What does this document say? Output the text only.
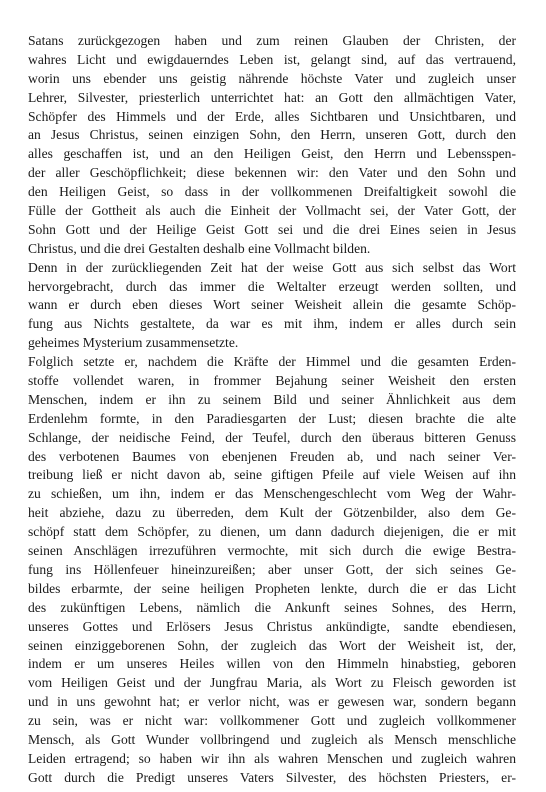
Satans zurückgezogen haben und zum reinen Glauben der Christen, der
wahres Licht und ewigdauerndes Leben ist, gelangt sind, auf das vertrauend,
worin uns ebender uns geistig nährende höchste Vater und zugleich unser
Lehrer, Silvester, priesterlich unterrichtet hat: an Gott den allmächtigen Vater,
Schöpfer des Himmels und der Erde, alles Sichtbaren und Unsichtbaren, und
an Jesus Christus, seinen einzigen Sohn, den Herrn, unseren Gott, durch den
alles geschaffen ist, und an den Heiligen Geist, den Herrn und Lebensspen-
der aller Geschöpflichkeit; diese bekennen wir: den Vater und den Sohn und
den Heiligen Geist, so dass in der vollkommenen Dreifaltigkeit sowohl die
Fülle der Gottheit als auch die Einheit der Vollmacht sei, der Vater Gott, der
Sohn Gott und der Heilige Geist Gott sei und die drei Eines seien in Jesus
Christus, und die drei Gestalten deshalb eine Vollmacht bilden.
Denn in der zurückliegenden Zeit hat der weise Gott aus sich selbst das Wort
hervorgebracht, durch das immer die Weltalter erzeugt werden sollten, und
wann er durch eben dieses Wort seiner Weisheit allein die gesamte Schöp-
fung aus Nichts gestaltete, da war es mit ihm, indem er alles durch sein
geheimes Mysterium zusammensetzte.
Folglich setzte er, nachdem die Kräfte der Himmel und die gesamten Erden-
stoffe vollendet waren, in frommer Bejahung seiner Weisheit den ersten
Menschen, indem er ihn zu seinem Bild und seiner Ähnlichkeit aus dem
Erdenlehm formte, in den Paradiesgarten der Lust; diesen brachte die alte
Schlange, der neidische Feind, der Teufel, durch den überaus bitteren Genuss
des verbotenen Baumes von ebenjenen Freuden ab, und nach seiner Ver-
treibung ließ er nicht davon ab, seine giftigen Pfeile auf viele Weisen auf ihn
zu schießen, um ihn, indem er das Menschengeschlecht vom Weg der Wahr-
heit abziehe, dazu zu überreden, dem Kult der Götzenbilder, also dem Ge-
schöpf statt dem Schöpfer, zu dienen, um dann dadurch diejenigen, die er mit
seinen Anschlägen irrezuführen vermochte, mit sich durch die ewige Bestra-
fung ins Höllenfeuer hineinzureißen; aber unser Gott, der sich seines Ge-
bildes erbarmte, der seine heiligen Propheten lenkte, durch die er das Licht
des zukünftigen Lebens, nämlich die Ankunft seines Sohnes, des Herrn,
unseres Gottes und Erlösers Jesus Christus ankündigte, sandte ebendiesen,
seinen einziggeborenen Sohn, der zugleich das Wort der Weisheit ist, der,
indem er um unseres Heiles willen von den Himmeln hinabstieg, geboren
vom Heiligen Geist und der Jungfrau Maria, als Wort zu Fleisch geworden ist
und in uns gewohnt hat; er verlor nicht, was er gewesen war, sondern begann
zu sein, was er nicht war: vollkommener Gott und zugleich vollkommener
Mensch, als Gott Wunder vollbringend und zugleich als Mensch menschliche
Leiden ertragend; so haben wir ihn als wahren Menschen und zugleich wahren
Gott durch die Predigt unseres Vaters Silvester, des höchsten Priesters, er-
